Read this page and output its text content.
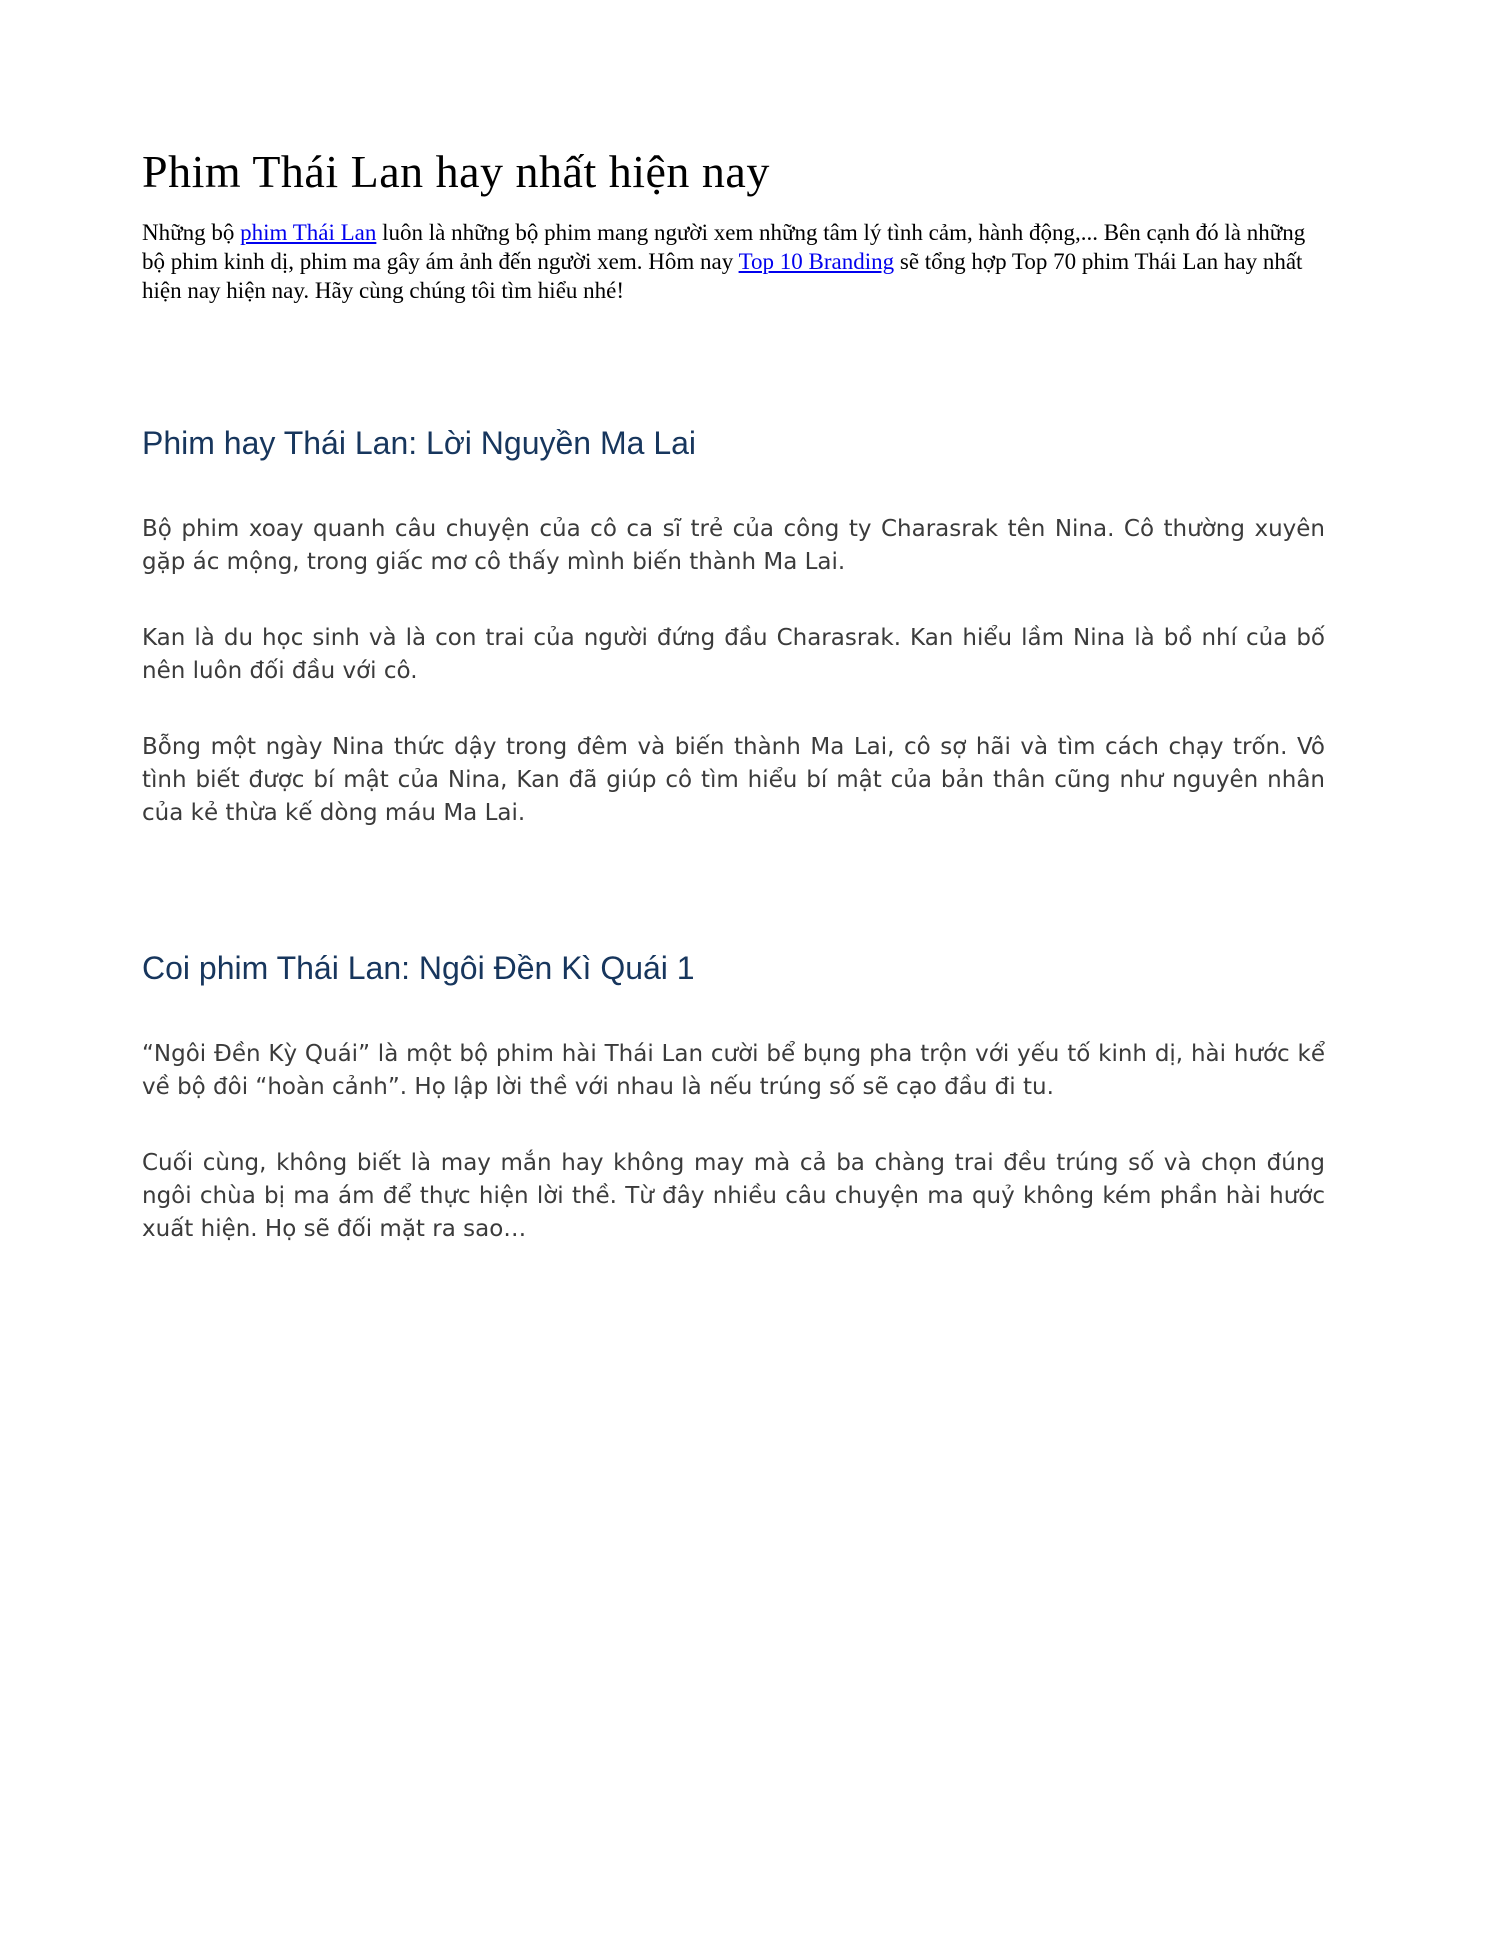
Phim Thái Lan hay nhất hiện nay

Những bộ phim Thái Lan luôn là những bộ phim mang người xem những tâm lý tình cảm, hành động,... Bên cạnh đó là những bộ phim kinh dị, phim ma gây ám ảnh đến người xem. Hôm nay Top 10 Branding sẽ tổng hợp Top 70 phim Thái Lan hay nhất hiện nay hiện nay. Hãy cùng chúng tôi tìm hiểu nhé!

Phim hay Thái Lan: Lời Nguyền Ma Lai

Bộ phim xoay quanh câu chuyện của cô ca sĩ trẻ của công ty Charasrak tên Nina. Cô thường xuyên gặp ác mộng, trong giấc mơ cô thấy mình biến thành Ma Lai.

Kan là du học sinh và là con trai của người đứng đầu Charasrak. Kan hiểu lầm Nina là bồ nhí của bố nên luôn đối đầu với cô.

Bỗng một ngày Nina thức dậy trong đêm và biến thành Ma Lai, cô sợ hãi và tìm cách chạy trốn. Vô tình biết được bí mật của Nina, Kan đã giúp cô tìm hiểu bí mật của bản thân cũng như nguyên nhân của kẻ thừa kế dòng máu Ma Lai.

Coi phim Thái Lan: Ngôi Đền Kì Quái 1

“Ngôi Đền Kỳ Quái” là một bộ phim hài Thái Lan cười bể bụng pha trộn với yếu tố kinh dị, hài hước kể về bộ đôi “hoàn cảnh”. Họ lập lời thề với nhau là nếu trúng số sẽ cạo đầu đi tu.

Cuối cùng, không biết là may mắn hay không may mà cả ba chàng trai đều trúng số và chọn đúng ngôi chùa bị ma ám để thực hiện lời thề. Từ đây nhiều câu chuyện ma quỷ không kém phần hài hước xuất hiện. Họ sẽ đối mặt ra sao…
